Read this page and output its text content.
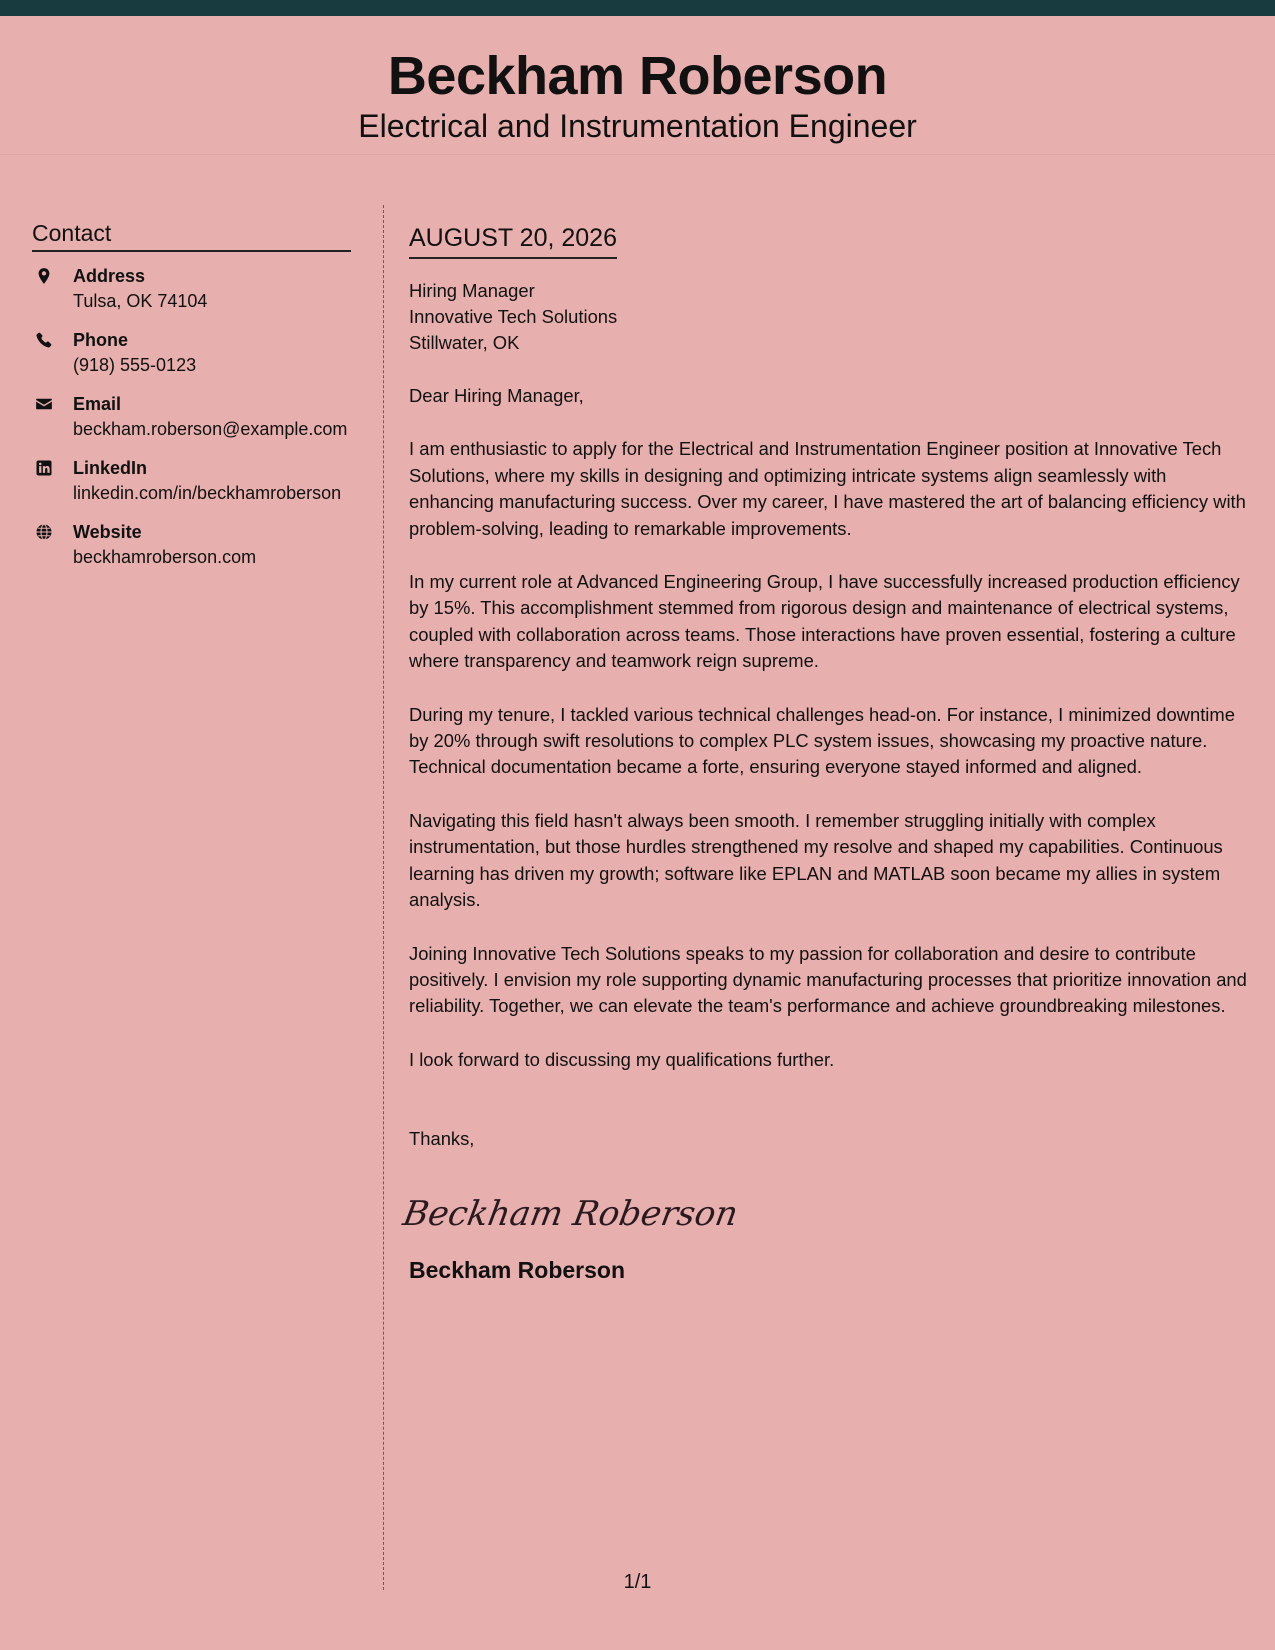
Beckham Roberson
Electrical and Instrumentation Engineer
Contact
Address
Tulsa, OK 74104
Phone
(918) 555-0123
Email
beckham.roberson@example.com
LinkedIn
linkedin.com/in/beckhamroberson
Website
beckhamroberson.com
AUGUST 20, 2026
Hiring Manager
Innovative Tech Solutions
Stillwater, OK
Dear Hiring Manager,
I am enthusiastic to apply for the Electrical and Instrumentation Engineer position at Innovative Tech Solutions, where my skills in designing and optimizing intricate systems align seamlessly with enhancing manufacturing success. Over my career, I have mastered the art of balancing efficiency with problem-solving, leading to remarkable improvements.
In my current role at Advanced Engineering Group, I have successfully increased production efficiency by 15%. This accomplishment stemmed from rigorous design and maintenance of electrical systems, coupled with collaboration across teams. Those interactions have proven essential, fostering a culture where transparency and teamwork reign supreme.
During my tenure, I tackled various technical challenges head-on. For instance, I minimized downtime by 20% through swift resolutions to complex PLC system issues, showcasing my proactive nature. Technical documentation became a forte, ensuring everyone stayed informed and aligned.
Navigating this field hasn't always been smooth. I remember struggling initially with complex instrumentation, but those hurdles strengthened my resolve and shaped my capabilities. Continuous learning has driven my growth; software like EPLAN and MATLAB soon became my allies in system analysis.
Joining Innovative Tech Solutions speaks to my passion for collaboration and desire to contribute positively. I envision my role supporting dynamic manufacturing processes that prioritize innovation and reliability. Together, we can elevate the team's performance and achieve groundbreaking milestones.
I look forward to discussing my qualifications further.
Thanks,
Beckham Roberson
Beckham Roberson
1/1
